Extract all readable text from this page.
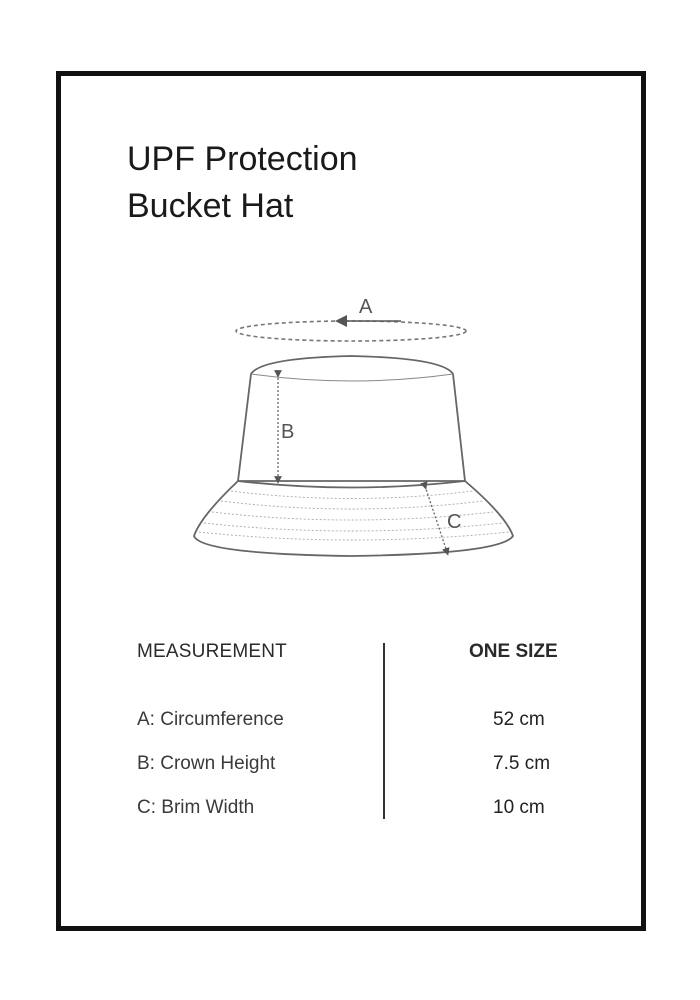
UPF Protection
Bucket Hat
A
B
C
MEASUREMENT	ONE SIZE
A: Circumference	52 cm
B: Crown Height	7.5 cm
C: Brim Width	10 cm
